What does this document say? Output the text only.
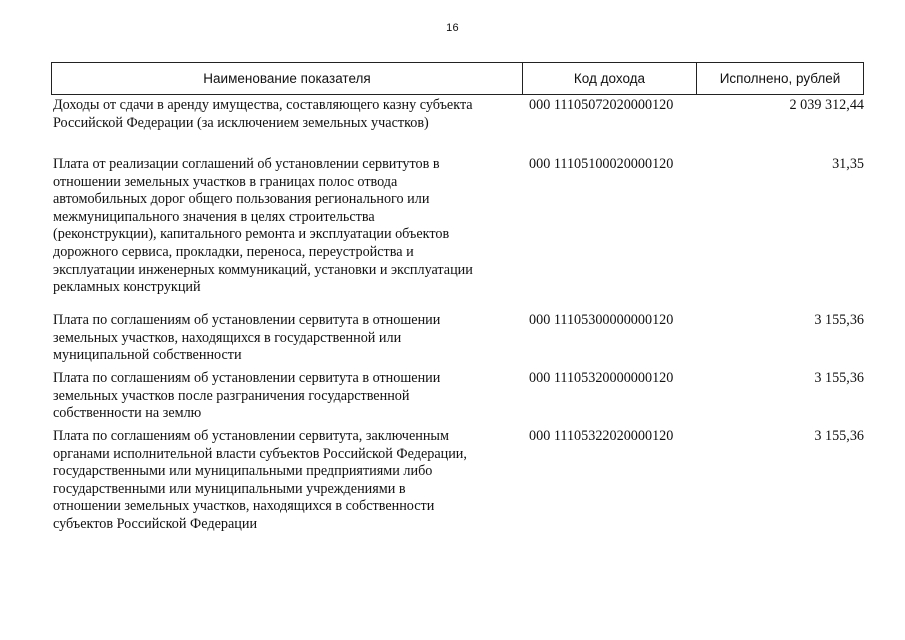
16
Наименование показателя	Код дохода	Исполнено, рублей
Доходы от сдачи в аренду имущества, составляющего казну субъекта
Российской Федерации (за исключением земельных участков)
000 11105072020000120	2 039 312,44
Плата от реализации соглашений об установлении сервитутов в
отношении земельных участков в границах полос отвода
автомобильных дорог общего пользования регионального или
межмуниципального значения в целях строительства
(реконструкции), капитального ремонта и эксплуатации объектов
дорожного сервиса, прокладки, переноса, переустройства и
эксплуатации инженерных коммуникаций, установки и эксплуатации
рекламных конструкций
000 11105100020000120	31,35
Плата по соглашениям об установлении сервитута в отношении
земельных участков, находящихся в государственной или
муниципальной собственности
000 11105300000000120	3 155,36
Плата по соглашениям об установлении сервитута в отношении
земельных участков после разграничения государственной
собственности на землю
000 11105320000000120	3 155,36
Плата по соглашениям об установлении сервитута, заключенным
органами исполнительной власти субъектов Российской Федерации,
государственными или муниципальными предприятиями либо
государственными или муниципальными учреждениями в
отношении земельных участков, находящихся в собственности
субъектов Российской Федерации
000 11105322020000120	3 155,36
